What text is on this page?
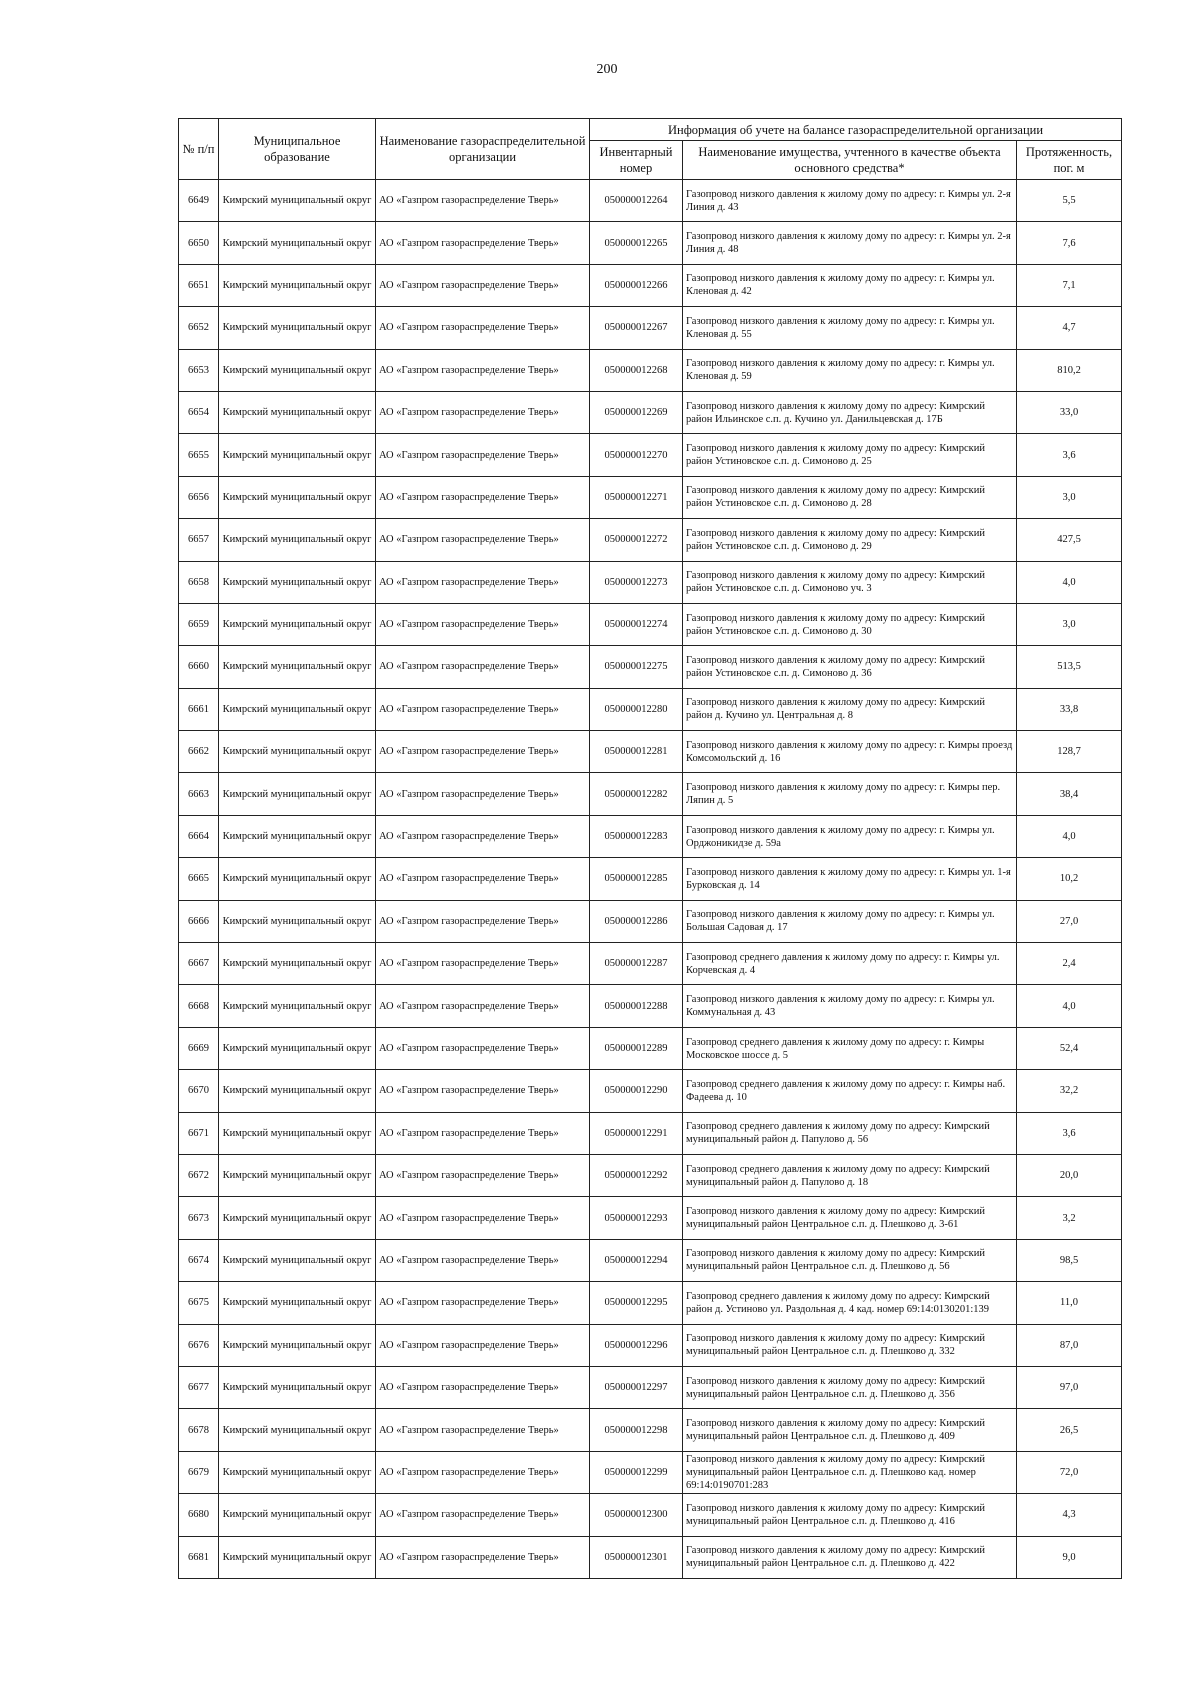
200
№ п/п	Муниципальное образование	Наименование газораспределительной организации	Информация об учете на балансе газораспределительной организации		
			Инвентарный номер	Наименование имущества, учтенного в качестве объекта основного средства*	Протяженность, пог. м
6649	Кимрский муниципальный округ	АО «Газпром газораспределение Тверь»	050000012264	Газопровод низкого давления к жилому дому по адресу: г. Кимры ул. 2-я Линия д. 43	5,5
6650	Кимрский муниципальный округ	АО «Газпром газораспределение Тверь»	050000012265	Газопровод низкого давления к жилому дому по адресу: г. Кимры ул. 2-я Линия д. 48	7,6
6651	Кимрский муниципальный округ	АО «Газпром газораспределение Тверь»	050000012266	Газопровод низкого давления к жилому дому по адресу: г. Кимры ул. Кленовая д. 42	7,1
6652	Кимрский муниципальный округ	АО «Газпром газораспределение Тверь»	050000012267	Газопровод низкого давления к жилому дому по адресу: г. Кимры ул. Кленовая д. 55	4,7
6653	Кимрский муниципальный округ	АО «Газпром газораспределение Тверь»	050000012268	Газопровод низкого давления к жилому дому по адресу: г. Кимры ул. Кленовая д. 59	810,2
6654	Кимрский муниципальный округ	АО «Газпром газораспределение Тверь»	050000012269	Газопровод низкого давления к жилому дому по адресу: Кимрский район Ильинское с.п. д. Кучино ул. Данильцевская д. 17Б	33,0
6655	Кимрский муниципальный округ	АО «Газпром газораспределение Тверь»	050000012270	Газопровод низкого давления к жилому дому по адресу: Кимрский район Устиновское с.п. д. Симоново д. 25	3,6
6656	Кимрский муниципальный округ	АО «Газпром газораспределение Тверь»	050000012271	Газопровод низкого давления к жилому дому по адресу: Кимрский район Устиновское с.п. д. Симоново д. 28	3,0
6657	Кимрский муниципальный округ	АО «Газпром газораспределение Тверь»	050000012272	Газопровод низкого давления к жилому дому по адресу: Кимрский район Устиновское с.п. д. Симоново д. 29	427,5
6658	Кимрский муниципальный округ	АО «Газпром газораспределение Тверь»	050000012273	Газопровод низкого давления к жилому дому по адресу: Кимрский район Устиновское с.п. д. Симоново уч. 3	4,0
6659	Кимрский муниципальный округ	АО «Газпром газораспределение Тверь»	050000012274	Газопровод низкого давления к жилому дому по адресу: Кимрский район Устиновское с.п. д. Симоново д. 30	3,0
6660	Кимрский муниципальный округ	АО «Газпром газораспределение Тверь»	050000012275	Газопровод низкого давления к жилому дому по адресу: Кимрский район Устиновское с.п. д. Симоново д. 36	513,5
6661	Кимрский муниципальный округ	АО «Газпром газораспределение Тверь»	050000012280	Газопровод низкого давления к жилому дому по адресу: Кимрский район д. Кучино ул. Центральная д. 8	33,8
6662	Кимрский муниципальный округ	АО «Газпром газораспределение Тверь»	050000012281	Газопровод низкого давления к жилому дому по адресу: г. Кимры проезд Комсомольский д. 16	128,7
6663	Кимрский муниципальный округ	АО «Газпром газораспределение Тверь»	050000012282	Газопровод низкого давления к жилому дому по адресу: г. Кимры пер. Ляпин д. 5	38,4
6664	Кимрский муниципальный округ	АО «Газпром газораспределение Тверь»	050000012283	Газопровод низкого давления к жилому дому по адресу: г. Кимры ул. Орджоникидзе д. 59а	4,0
6665	Кимрский муниципальный округ	АО «Газпром газораспределение Тверь»	050000012285	Газопровод низкого давления к жилому дому по адресу: г. Кимры ул. 1-я Бурковская д. 14	10,2
6666	Кимрский муниципальный округ	АО «Газпром газораспределение Тверь»	050000012286	Газопровод низкого давления к жилому дому по адресу: г. Кимры ул. Большая Садовая д. 17	27,0
6667	Кимрский муниципальный округ	АО «Газпром газораспределение Тверь»	050000012287	Газопровод среднего давления к жилому дому по адресу: г. Кимры ул. Корчевская д. 4	2,4
6668	Кимрский муниципальный округ	АО «Газпром газораспределение Тверь»	050000012288	Газопровод низкого давления к жилому дому по адресу: г. Кимры ул. Коммунальная д. 43	4,0
6669	Кимрский муниципальный округ	АО «Газпром газораспределение Тверь»	050000012289	Газопровод среднего давления к жилому дому по адресу: г. Кимры Московское шоссе д. 5	52,4
6670	Кимрский муниципальный округ	АО «Газпром газораспределение Тверь»	050000012290	Газопровод среднего давления к жилому дому по адресу: г. Кимры наб. Фадеева д. 10	32,2
6671	Кимрский муниципальный округ	АО «Газпром газораспределение Тверь»	050000012291	Газопровод среднего давления к жилому дому по адресу: Кимрский муниципальный район д. Папулово д. 56	3,6
6672	Кимрский муниципальный округ	АО «Газпром газораспределение Тверь»	050000012292	Газопровод среднего давления к жилому дому по адресу: Кимрский муниципальный район д. Папулово д. 18	20,0
6673	Кимрский муниципальный округ	АО «Газпром газораспределение Тверь»	050000012293	Газопровод низкого давления к жилому дому по адресу: Кимрский муниципальный район Центральное с.п. д. Плешково д. 3-61	3,2
6674	Кимрский муниципальный округ	АО «Газпром газораспределение Тверь»	050000012294	Газопровод низкого давления к жилому дому по адресу: Кимрский муниципальный район Центральное с.п. д. Плешково д. 56	98,5
6675	Кимрский муниципальный округ	АО «Газпром газораспределение Тверь»	050000012295	Газопровод среднего давления к жилому дому по адресу: Кимрский район д. Устиново ул. Раздольная д. 4 кад. номер 69:14:0130201:139	11,0
6676	Кимрский муниципальный округ	АО «Газпром газораспределение Тверь»	050000012296	Газопровод низкого давления к жилому дому по адресу: Кимрский муниципальный район Центральное с.п. д. Плешково д. 332	87,0
6677	Кимрский муниципальный округ	АО «Газпром газораспределение Тверь»	050000012297	Газопровод низкого давления к жилому дому по адресу: Кимрский муниципальный район Центральное с.п. д. Плешково д. 356	97,0
6678	Кимрский муниципальный округ	АО «Газпром газораспределение Тверь»	050000012298	Газопровод низкого давления к жилому дому по адресу: Кимрский муниципальный район Центральное с.п. д. Плешково д. 409	26,5
6679	Кимрский муниципальный округ	АО «Газпром газораспределение Тверь»	050000012299	Газопровод низкого давления к жилому дому по адресу: Кимрский муниципальный район Центральное с.п. д. Плешково кад. номер 69:14:0190701:283	72,0
6680	Кимрский муниципальный округ	АО «Газпром газораспределение Тверь»	050000012300	Газопровод низкого давления к жилому дому по адресу: Кимрский муниципальный район Центральное с.п. д. Плешково д. 416	4,3
6681	Кимрский муниципальный округ	АО «Газпром газораспределение Тверь»	050000012301	Газопровод низкого давления к жилому дому по адресу: Кимрский муниципальный район Центральное с.п. д. Плешково д. 422	9,0
